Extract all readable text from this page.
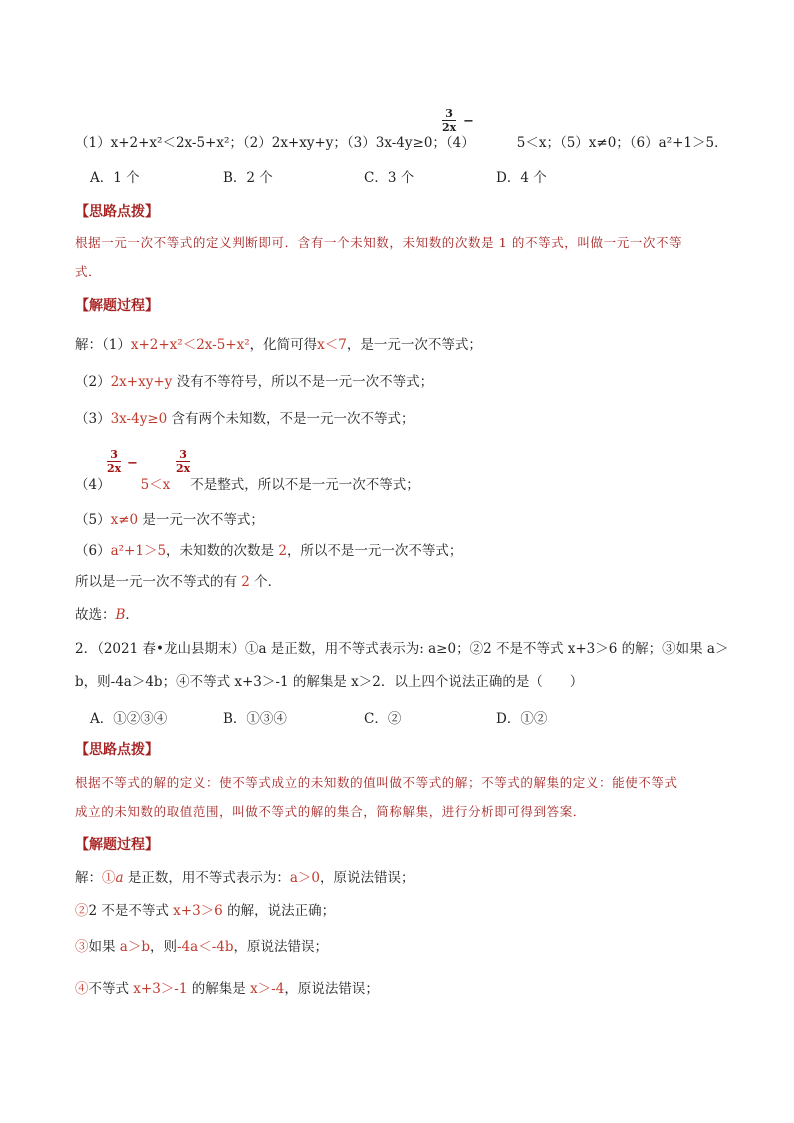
（1）x+2+x²＜2x-5+x²；（2）2x+xy+y；（3）3x-4y≥0；（4）	5＜x；（5）x≠0；（6）a²+1＞5．
$\frac{3}{2x}$ −
A．1 个	B．2 个	C．3 个	D．4 个
【思路点拨】
根据一元一次不等式的定义判断即可．含有一个未知数，未知数的次数是 1 的不等式，叫做一元一次不等
式．
【解题过程】
解：（1）x+2+x²＜2x-5+x²，化简可得x＜7，是一元一次不等式；
（2）2x+xy+y 没有不等符号，所以不是一元一次不等式；
（3）3x-4y≥0 含有两个未知数，不是一元一次不等式；
（4） 5＜x 不是整式，所以不是一元一次不等式；
$\frac{3}{2x}$ −	$\frac{3}{2x}$
（5）x≠0 是一元一次不等式；
（6）a²+1＞5，未知数的次数是 2，所以不是一元一次不等式；
所以是一元一次不等式的有 2 个．
故选：B．
2．（2021 春•龙山县期末）①a 是正数，用不等式表示为: a≥0；②2 不是不等式 x+3＞6 的解；③如果 a＞
b，则-4a＞4b；④不等式 x+3＞-1 的解集是 x＞2．以上四个说法正确的是（　　）
A．①②③④	B．①③④	C．②	D．①②
【思路点拨】
根据不等式的解的定义：使不等式成立的未知数的值叫做不等式的解；不等式的解集的定义：能使不等式
成立的未知数的取值范围，叫做不等式的解的集合，简称解集，进行分析即可得到答案．
【解题过程】
解：①a 是正数，用不等式表示为：a＞0，原说法错误；
②2 不是不等式 x+3＞6 的解，说法正确；
③如果 a＞b，则-4a＜-4b，原说法错误；
④不等式 x+3＞-1 的解集是 x＞-4，原说法错误；
